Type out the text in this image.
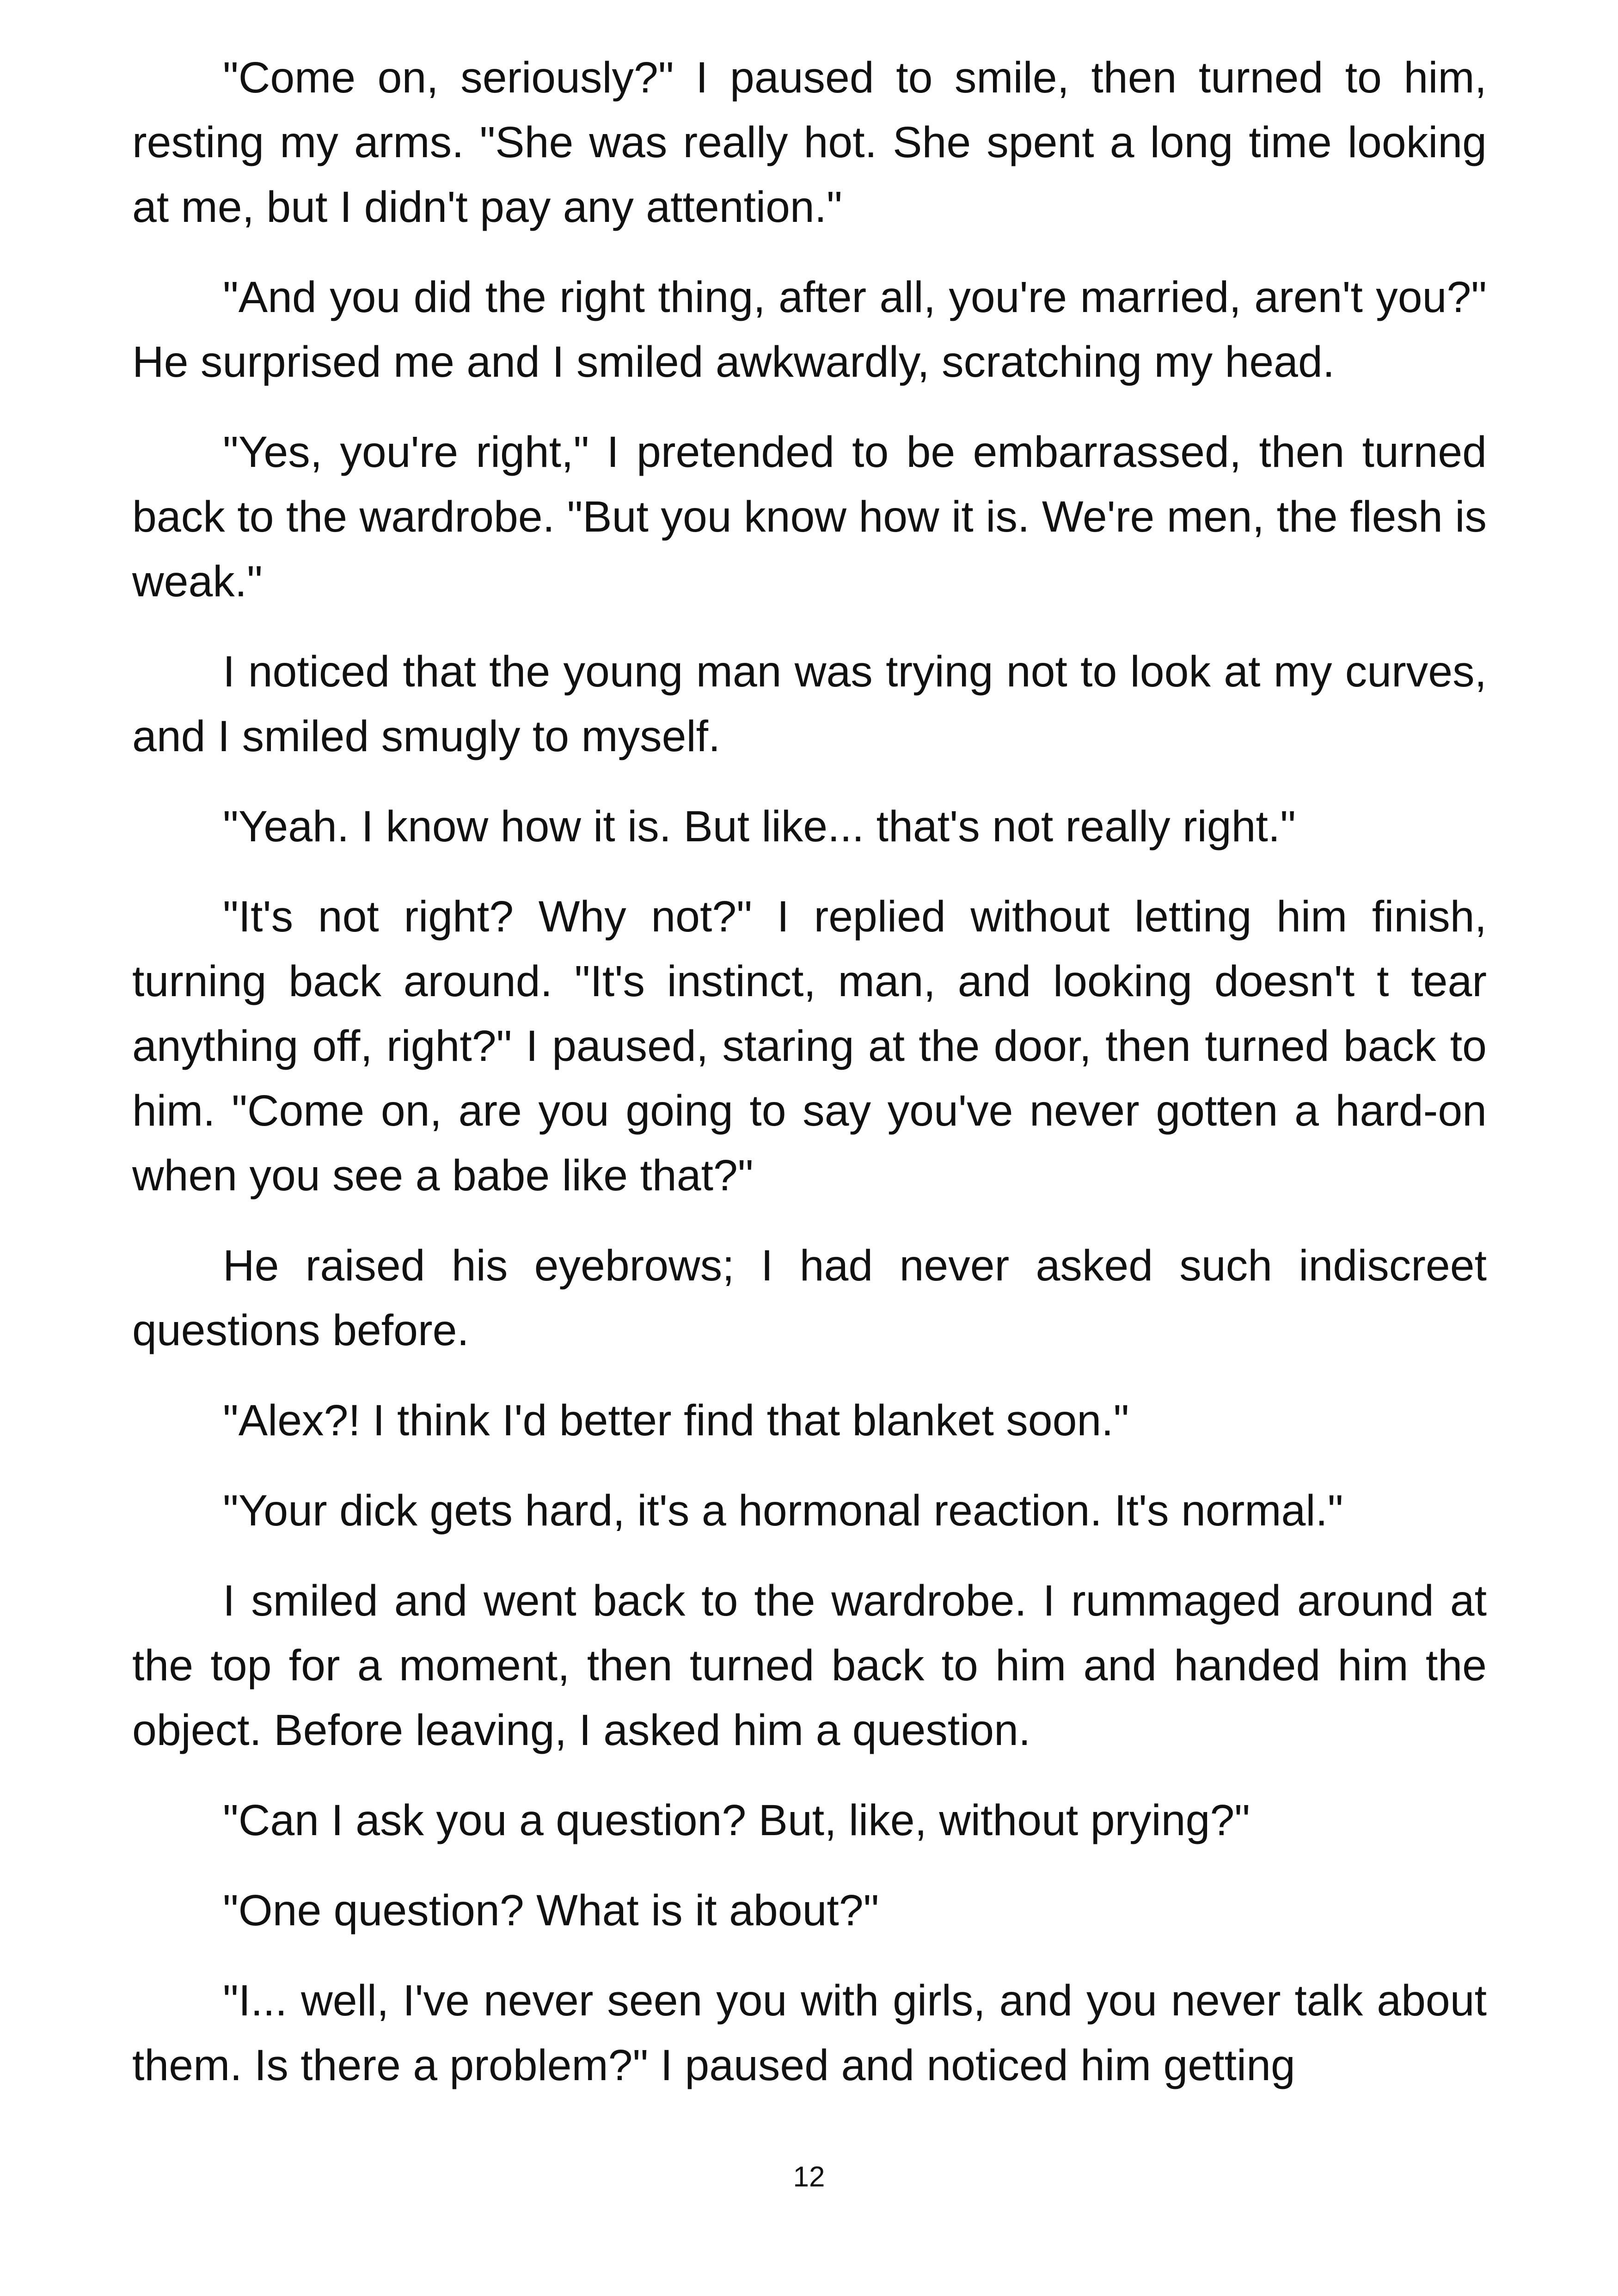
"Come on, seriously?" I paused to smile, then turned to him, resting my arms. "She was really hot. She spent a long time looking at me, but I didn't pay any attention."

"And you did the right thing, after all, you're married, aren't you?" He surprised me and I smiled awkwardly, scratching my head.

"Yes, you're right," I pretended to be embarrassed, then turned back to the wardrobe. "But you know how it is. We're men, the flesh is weak."

I noticed that the young man was trying not to look at my curves, and I smiled smugly to myself.

"Yeah. I know how it is. But like... that's not really right."

"It's not right? Why not?" I replied without letting him finish, turning back around. "It's instinct, man, and looking doesn't t tear anything off, right?" I paused, staring at the door, then turned back to him. "Come on, are you going to say you've never gotten a hard-on when you see a babe like that?"

He raised his eyebrows; I had never asked such indiscreet questions before.

"Alex?! I think I'd better find that blanket soon."

"Your dick gets hard, it's a hormonal reaction. It's normal."

I smiled and went back to the wardrobe. I rummaged around at the top for a moment, then turned back to him and handed him the object. Before leaving, I asked him a question.

"Can I ask you a question? But, like, without prying?"

"One question? What is it about?"

"I... well, I've never seen you with girls, and you never talk about them. Is there a problem?" I paused and noticed him getting

12
